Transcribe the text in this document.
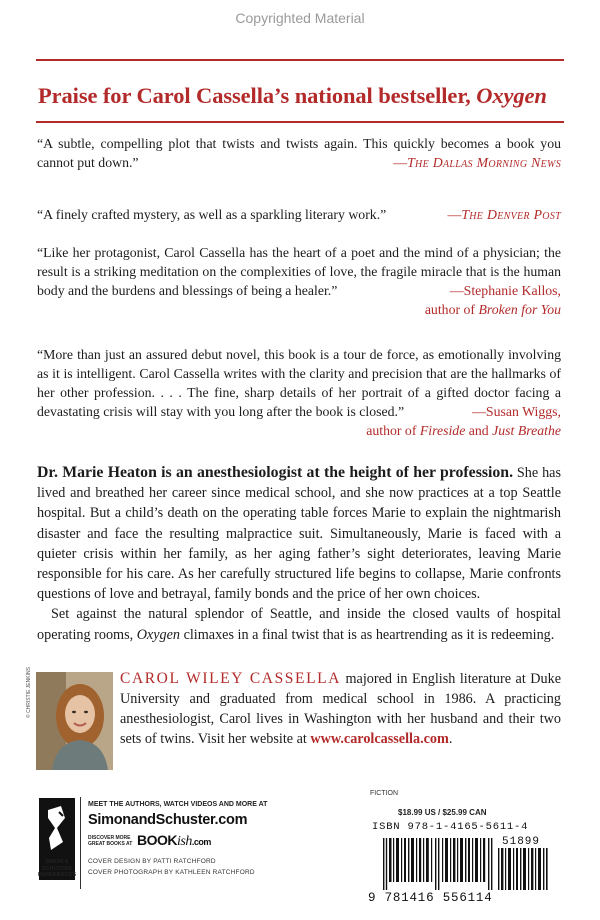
Copyrighted Material
Praise for Carol Cassella’s national bestseller, Oxygen
“A subtle, compelling plot that twists and twists again. This quickly becomes a book you cannot put down.”	—The Dallas Morning News
“A finely crafted mystery, as well as a sparkling literary work.”	—The Denver Post
“Like her protagonist, Carol Cassella has the heart of a poet and the mind of a physician; the result is a striking meditation on the complexities of love, the fragile miracle that is the human body and the burdens and blessings of being a healer.”	—Stephanie Kallos,
author of Broken for You
“More than just an assured debut novel, this book is a tour de force, as emotionally involving as it is intelligent. Carol Cassella writes with the clarity and precision that are the hallmarks of her other profession. . . . The fine, sharp details of her portrait of a gifted doctor facing a devastating crisis will stay with you long after the book is closed.”	—Susan Wiggs,
author of Fireside and Just Breathe

Dr. Marie Heaton is an anesthesiologist at the height of her profession. She has lived and breathed her career since medical school, and she now practices at a top Seattle hospital. But a child’s death on the operating table forces Marie to explain the nightmarish disaster and face the resulting malpractice suit. Simultaneously, Marie is faced with a quieter crisis within her family, as her aging father’s sight deteriorates, leaving Marie responsible for his care. As her carefully structured life begins to collapse, Marie confronts questions of love and betrayal, family bonds and the price of her own choices.

Set against the natural splendor of Seattle, and inside the closed vaults of hospital operating rooms, Oxygen climaxes in a final twist that is as heartrending as it is redeeming.

© CHRISTIE JENKINS	CAROL WILEY CASSELLA majored in English literature at Duke University and graduated from medical school in 1986. A practicing anesthesiologist, Carol lives in Washington with her husband and their two sets of twins. Visit her website at www.carolcassella.com.
SIMON &
SCHUSTER
PAPERBACKS
MEET THE AUTHORS, WATCH VIDEOS AND MORE AT
SimonandSchuster.com
DISCOVER MORE
GREAT BOOKS AT BOOKish.com
COVER DESIGN BY PATTI RATCHFORD
COVER PHOTOGRAPH BY KATHLEEN RATCHFORD
FICTION
$18.99 US / $25.99 CAN
ISBN 978-1-4165-5611-4
51899
9 781416 556114
